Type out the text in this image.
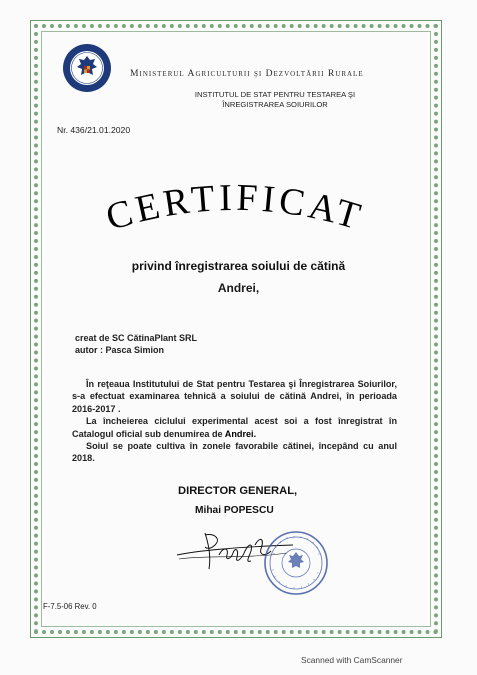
Ministerul Agriculturii şi Dezvoltării Rurale
INSTITUTUL DE STAT PENTRU TESTAREA ŞI
ÎNREGISTRAREA SOIURILOR
Nr. 436/21.01.2020
CERTIFICAT
privind înregistrarea soiului de cătină
Andrei,
creat de SC CătinaPlant SRL
autor : Pasca Simion

În reţeaua Institutului de Stat pentru Testarea şi Înregistrarea Soiurilor, s-a efectuat examinarea tehnică a soiului de cătină Andrei, în perioada 2016-2017 .

La încheierea ciclului experimental acest soi a fost înregistrat în Catalogul oficial sub denumirea de Andrei.

Soiul se poate cultiva în zonele favorabile cătinei, începând cu anul 2018.

DIRECTOR GENERAL,
Mihai POPESCU
F-7.5-06 Rev. 0
Scanned with CamScanner
